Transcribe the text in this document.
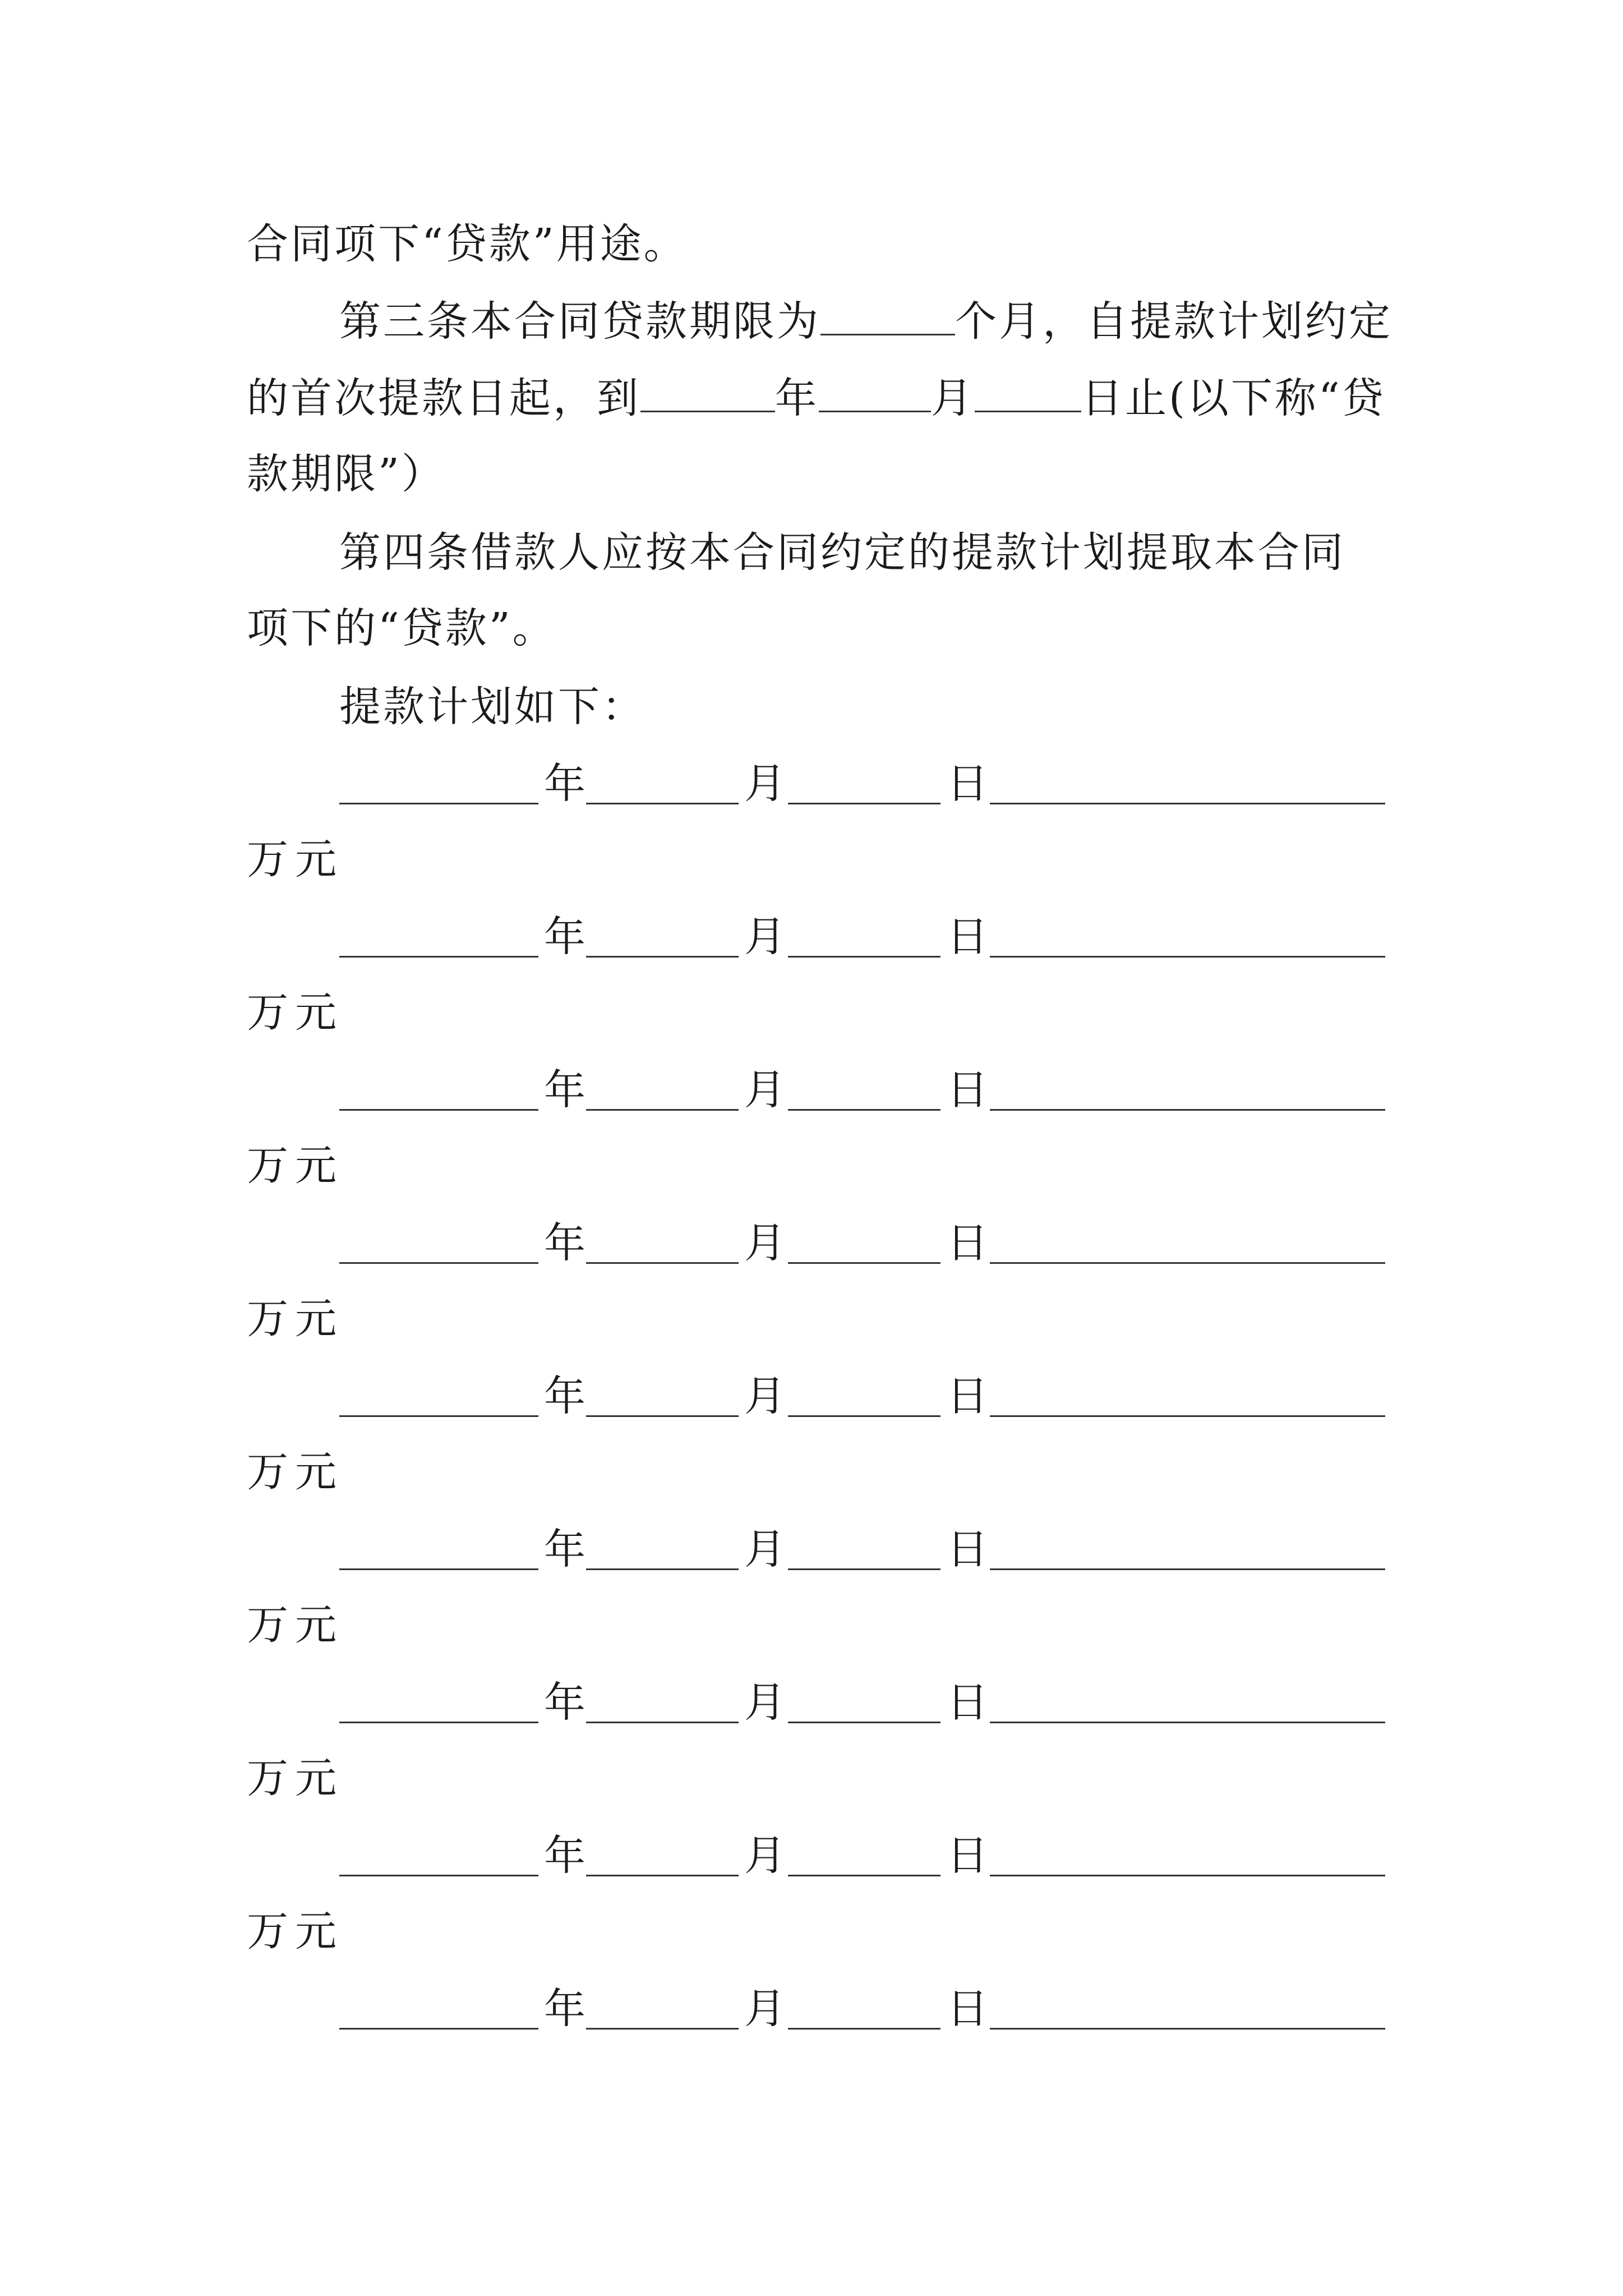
合同项下“贷款”用途。
第三条本合同贷款期限为	个月，自提款计划约定
的首次提款日起，到	年	月	日止(以下称“贷
款期限”）
第四条借款人应按本合同约定的提款计划提取本合同
项下的“贷款”。
提款计划如下：
年	月	日
万元
年	月	日
万元
年	月	日
万元
年	月	日
万元
年	月	日
万元
年	月	日
万元
年	月	日
万元
年	月	日
万元
年	月	日
